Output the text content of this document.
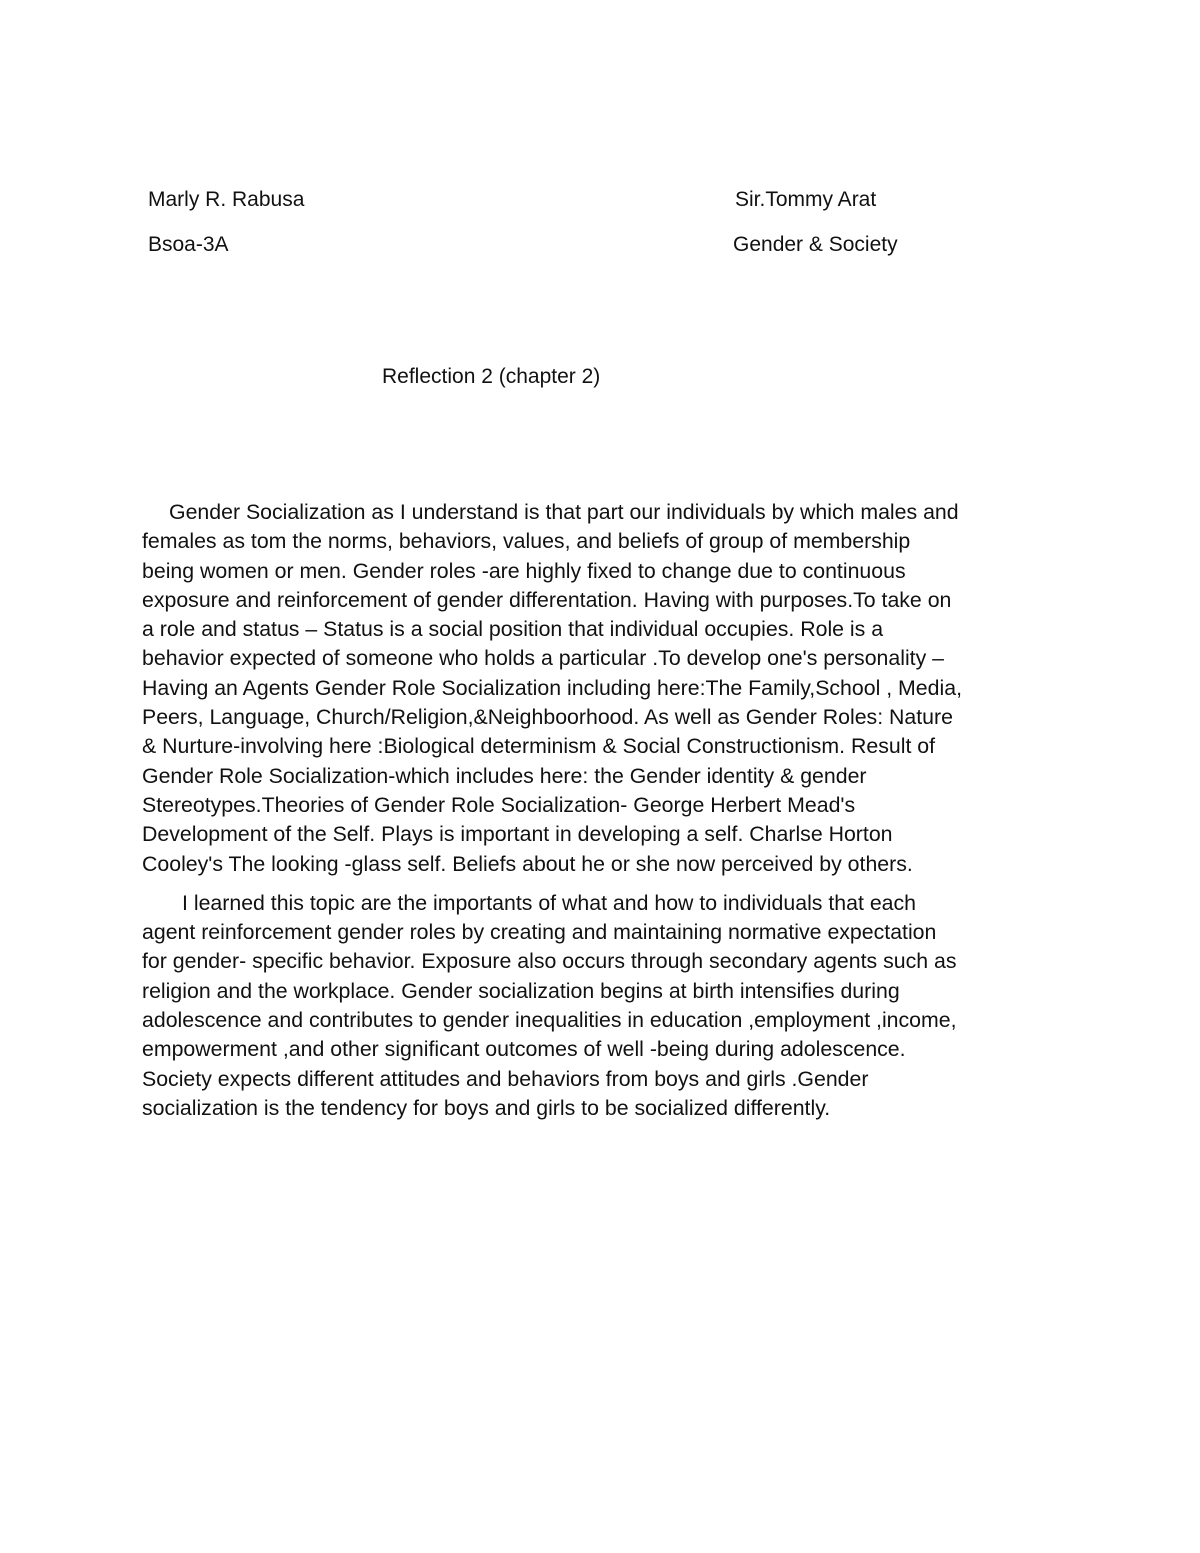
Marly R. Rabusa
Bsoa-3A
Sir.Tommy Arat
Gender & Society
Reflection 2 (chapter 2)

Gender Socialization as I understand is that part our individuals by which males and
females as tom the norms, behaviors, values, and beliefs of group of membership
being women or men. Gender roles -are highly fixed to change due to continuous
exposure and reinforcement of gender differentation. Having with purposes.To take on
a role and status – Status is a social position that individual occupies. Role is a
behavior expected of someone who holds a particular .To develop one's personality –
Having an Agents Gender Role Socialization including here:The Family,School , Media,
Peers, Language, Church/Religion,&Neighboorhood. As well as Gender Roles: Nature
& Nurture-involving here :Biological determinism & Social Constructionism. Result of
Gender Role Socialization-which includes here: the Gender identity & gender
Stereotypes.Theories of Gender Role Socialization- George Herbert Mead's
Development of the Self. Plays is important in developing a self. Charlse Horton
Cooley's The looking -glass self. Beliefs about he or she now perceived by others.

I learned this topic are the importants of what and how to individuals that each
agent reinforcement gender roles by creating and maintaining normative expectation
for gender- specific behavior. Exposure also occurs through secondary agents such as
religion and the workplace. Gender socialization begins at birth intensifies during
adolescence and contributes to gender inequalities in education ,employment ,income,
empowerment ,and other significant outcomes of well -being during adolescence.
Society expects different attitudes and behaviors from boys and girls .Gender
socialization is the tendency for boys and girls to be socialized differently.
